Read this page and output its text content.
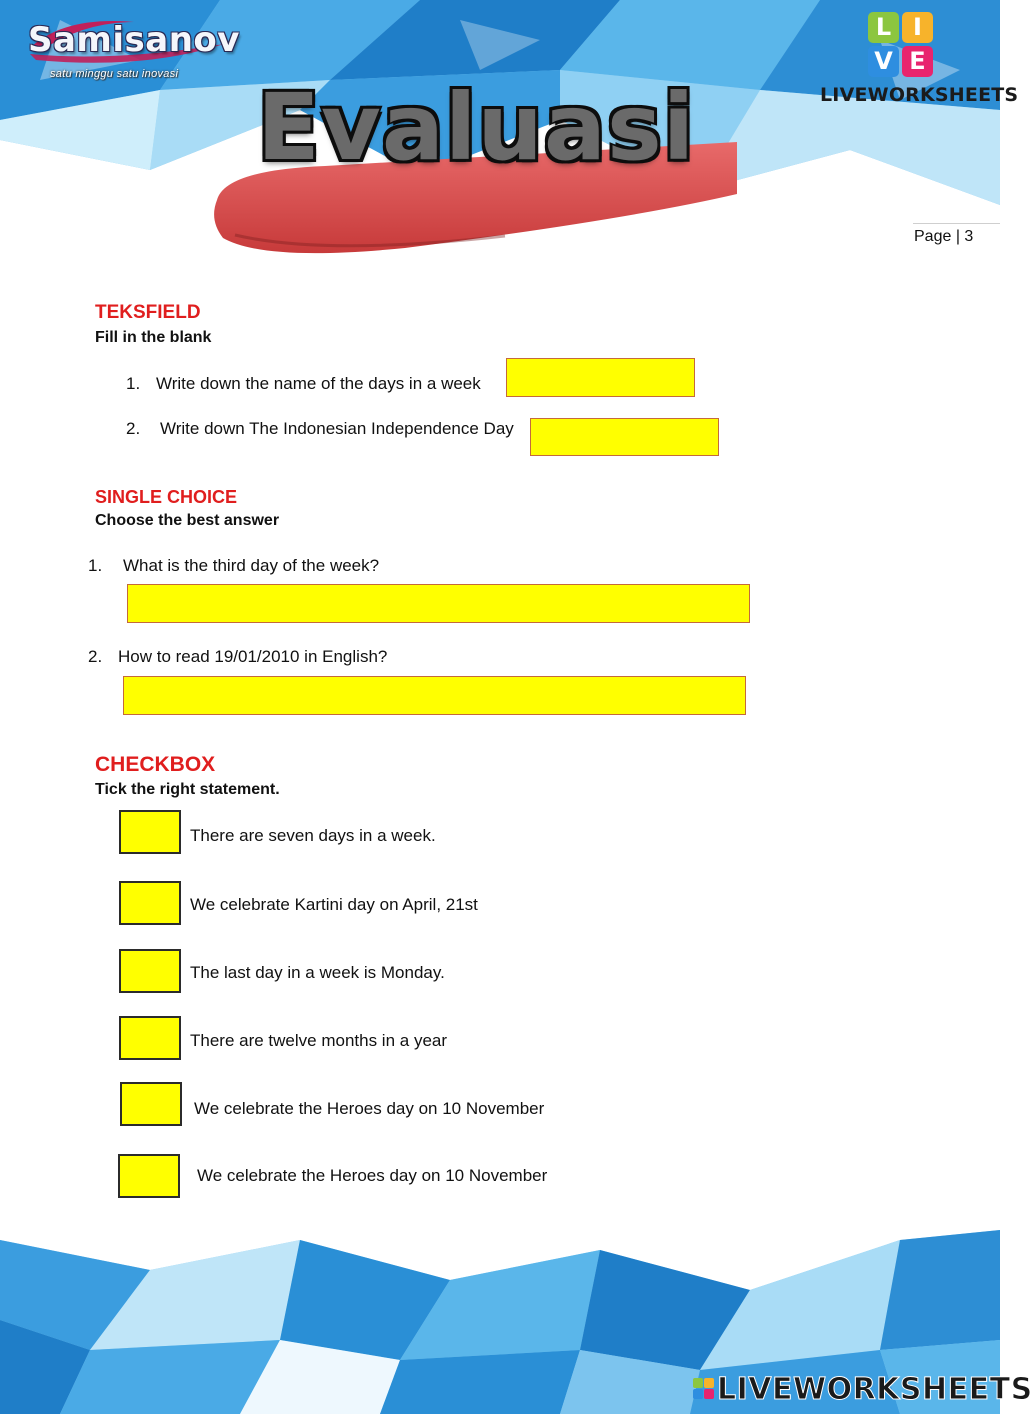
Samisanov
satu minggu satu inovasi
L I
V E
LIVEWORKSHEETS
Evaluasi
Page | 3
TEKSFIELD
Fill in the blank
1. Write down the name of the days in a week
2. Write down The Indonesian Independence Day
SINGLE CHOICE
Choose the best answer
1. What is the third day of the week?
2. How to read 19/01/2010 in English?
CHECKBOX
Tick the right statement.
There are seven days in a week.
We celebrate Kartini day on April, 21st
The last day in a week is Monday.
There are twelve months in a year
We celebrate the Heroes day on 10 November
We celebrate the Heroes day on 10 November
LIVEWORKSHEETS
